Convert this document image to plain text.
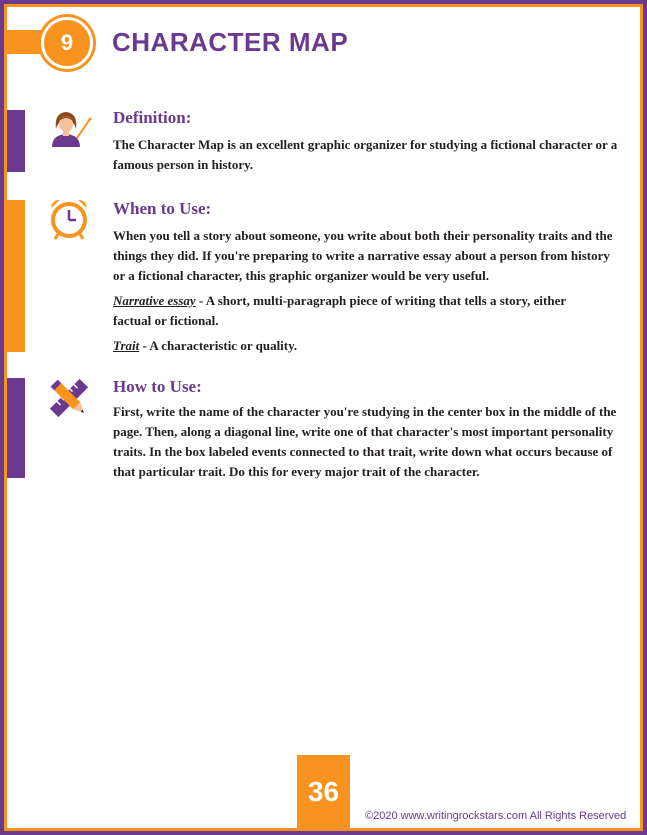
9	CHARACTER MAP
Definition:

The Character Map is an excellent graphic organizer for studying a fictional character or a famous person in history.

When to Use:

When you tell a story about someone, you write about both their personality traits and the things they did. If you're preparing to write a narrative essay about a person from history or a fictional character, this graphic organizer would be very useful.

Narrative essay - A short, multi-paragraph piece of writing that tells a story, either factual or fictional.

Trait - A characteristic or quality.

How to Use:

First, write the name of the character you're studying in the center box in the middle of the page. Then, along a diagonal line, write one of that character's most important personality traits. In the box labeled events connected to that trait, write down what occurs because of that particular trait. Do this for every major trait of the character.

36
©2020 www.writingrockstars.com All Rights Reserved
